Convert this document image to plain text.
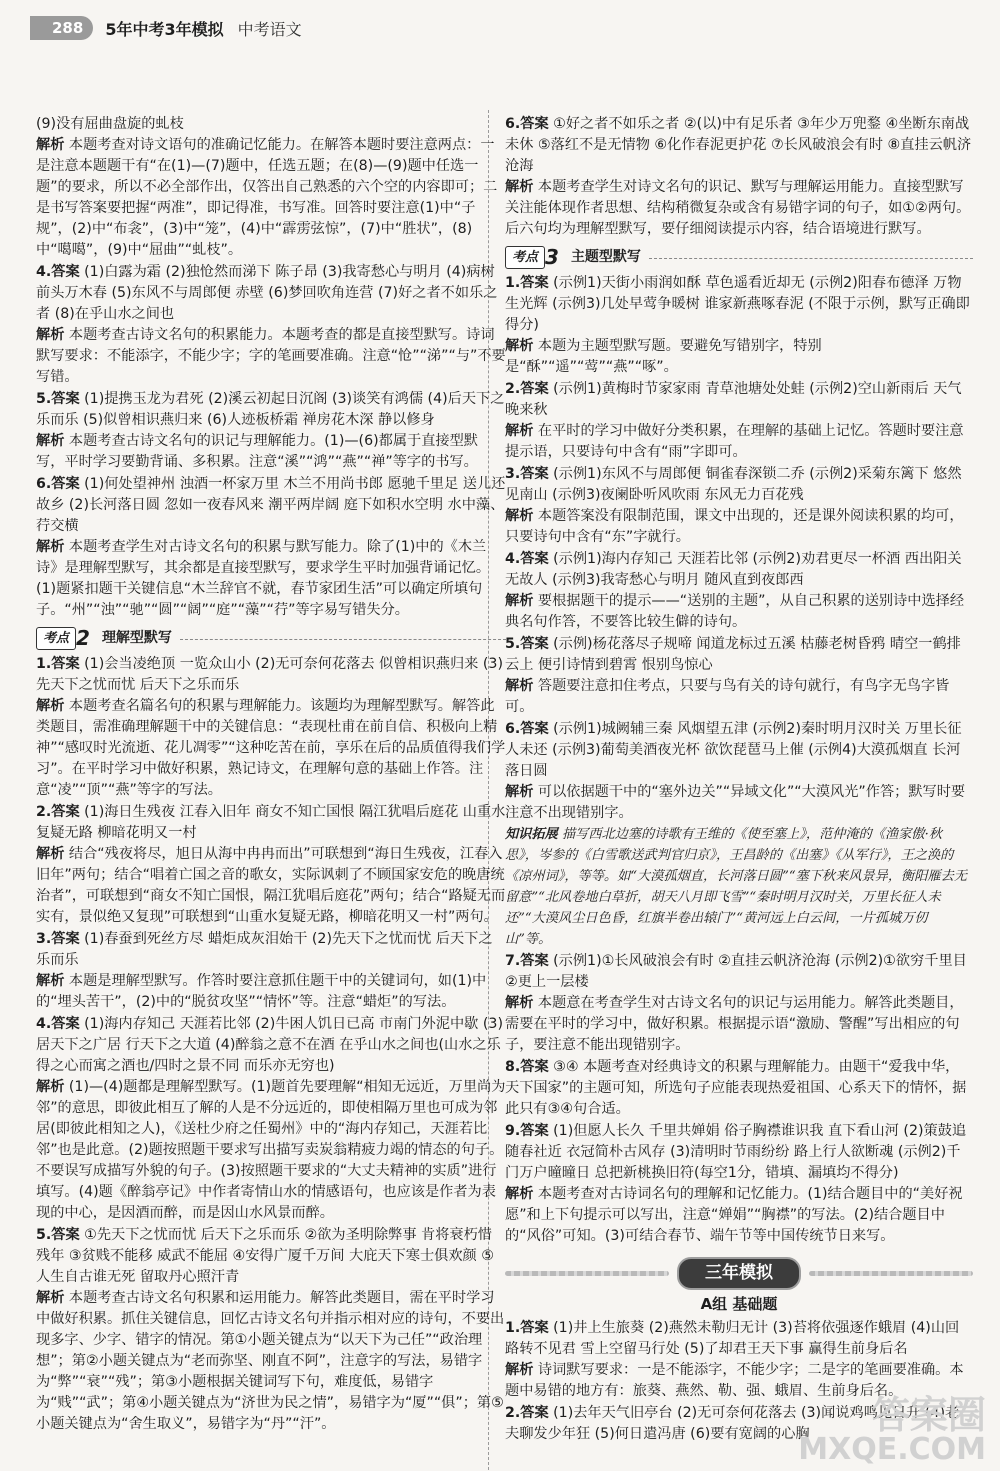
288	5年中考3年模拟 中考语文

(9)没有屈曲盘旋的虬枝

解析 本题考查对诗文语句的准确记忆能力。在解答本题时要注意两点：一是注意本题题干有“在(1)—(7)题中，任选五题；在(8)—(9)题中任选一题”的要求，所以不必全部作出，仅答出自己熟悉的六个空的内容即可；二是书写答案要把握“两准”，即记得准，书写准。回答时要注意(1)中“子规”，(2)中“布衾”，(3)中“笼”，(4)中“霹雳弦惊”，(7)中“胜状”，(8)中“噶噶”，(9)中“屈曲”“虬枝”。

4.答案 (1)白露为霜 (2)独怆然而涕下 陈子昂 (3)我寄愁心与明月 (4)病树前头万木春 (5)东风不与周郎便 赤壁 (6)梦回吹角连营 (7)好之者不如乐之者 (8)在乎山水之间也

解析 本题考查古诗文名句的积累能力。本题考查的都是直接型默写。诗词默写要求：不能添字，不能少字；字的笔画要准确。注意“怆”“涕”“与”不要写错。

5.答案 (1)提携玉龙为君死 (2)溪云初起日沉阁 (3)谈笑有鸿儒 (4)后天下之乐而乐 (5)似曾相识燕归来 (6)人迹板桥霜 禅房花木深 静以修身

解析 本题考查古诗文名句的识记与理解能力。(1)—(6)都属于直接型默写，平时学习要勤背诵、多积累。注意“溪”“鸿”“燕”“禅”等字的书写。

6.答案 (1)何处望神州 浊酒一杯家万里 木兰不用尚书郎 愿驰千里足 送儿还故乡 (2)长河落日圆 忽如一夜春风来 潮平两岸阔 庭下如积水空明 水中藻、荇交横

解析 本题考查学生对古诗文名句的积累与默写能力。除了(1)中的《木兰诗》是理解型默写，其余都是直接型默写，要求学生平时加强背诵记忆。(1)题紧扣题干关键信息“木兰辞官不就，春节家团生活”可以确定所填句子。“州”“浊”“驰”“圆”“阔”“庭”“藻”“荇”等字易写错失分。

考点 2 理解型默写

1.答案 (1)会当凌绝顶 一览众山小 (2)无可奈何花落去 似曾相识燕归来 (3)先天下之忧而忧 后天下之乐而乐

解析 本题考查名篇名句的积累与理解能力。该题均为理解型默写。解答此类题目，需准确理解题干中的关键信息：“表现杜甫在前自信、积极向上精神”“感叹时光流逝、花儿凋零”“这种吃苦在前，享乐在后的品质值得我们学习”。在平时学习中做好积累，熟记诗文，在理解句意的基础上作答。注意“凌”“顶”“燕”等字的写法。

2.答案 (1)海日生残夜 江春入旧年 商女不知亡国恨 隔江犹唱后庭花 山重水复疑无路 柳暗花明又一村

解析 结合“残夜将尽，旭日从海中冉冉而出”可联想到“海日生残夜，江春入旧年”两句；结合“唱着亡国之音的歌女，实际讽刺了不顾国家安危的晚唐统治者”，可联想到“商女不知亡国恨，隔江犹唱后庭花”两句；结合“路疑无而实有，景似绝又复现”可联想到“山重水复疑无路，柳暗花明又一村”两句。

3.答案 (1)春蚕到死丝方尽 蜡炬成灰泪始干 (2)先天下之忧而忧 后天下之乐而乐

解析 本题是理解型默写。作答时要注意抓住题干中的关键词句，如(1)中的“埋头苦干”，(2)中的“脱贫攻坚”“情怀”等。注意“蜡炬”的写法。

4.答案 (1)海内存知己 天涯若比邻 (2)牛困人饥日已高 市南门外泥中歇 (3)居天下之广居 行天下之大道 (4)醉翁之意不在酒 在乎山水之间也(山水之乐 得之心而寓之酒也/四时之景不同 而乐亦无穷也)

解析 (1)—(4)题都是理解型默写。(1)题首先要理解“相知无远近，万里尚为邻”的意思，即彼此相互了解的人是不分远近的，即使相隔万里也可成为邻居(即彼此相知之人)，《送杜少府之任蜀州》中的“海内存知己，天涯若比邻”也是此意。(2)题按照题干要求写出描写卖炭翁精疲力竭的情态的句子。不要误写成描写外貌的句子。(3)按照题干要求的“大丈夫精神的实质”进行填写。(4)题《醉翁亭记》中作者寄情山水的情感语句，也应该是作者为表现的中心，是因酒而醉，而是因山水风景而醉。

5.答案 ①先天下之忧而忧 后天下之乐而乐 ②欲为圣明除弊事 肯将衰朽惜残年 ③贫贱不能移 威武不能屈 ④安得广厦千万间 大庇天下寒士俱欢颜 ⑤人生自古谁无死 留取丹心照汗青

解析 本题考查古诗文名句积累和运用能力。解答此类题目，需在平时学习中做好积累。抓住关键信息，回忆古诗文名句并指示相对应的诗句，不要出现多字、少字、错字的情况。第①小题关键点为“以天下为己任”“政治理想”；第②小题关键点为“老而弥坚、刚直不阿”，注意字的写法，易错字为“弊”“衰”“残”；第③小题根据关键词写下句，难度低，易错字为“贱”“武”；第④小题关键点为“济世为民之情”，易错字为“厦”“俱”；第⑤小题关键点为“舍生取义”，易错字为“丹”“汗”。

6.答案 ①好之者不如乐之者 ②(以)中有足乐者 ③年少万兜鍪 ④坐断东南战未休 ⑤落红不是无情物 ⑥化作春泥更护花 ⑦长风破浪会有时 ⑧直挂云帆济沧海

解析 本题考查学生对诗文名句的识记、默写与理解运用能力。直接型默写关注能体现作者思想、结构稍微复杂或含有易错字词的句子，如①②两句。后六句均为理解型默写，要仔细阅读提示内容，结合语境进行默写。

考点 3 主题型默写

1.答案 (示例1)天街小雨润如酥 草色遥看近却无 (示例2)阳春布德泽 万物生光辉 (示例3)几处早莺争暖树 谁家新燕啄春泥 (不限于示例，默写正确即得分)

解析 本题为主题型默写题。要避免写错别字，特别是“酥”“遥”“莺”“燕”“啄”。

2.答案 (示例1)黄梅时节家家雨 青草池塘处处蛙 (示例2)空山新雨后 天气晚来秋

解析 在平时的学习中做好分类积累，在理解的基础上记忆。答题时要注意提示语，只要诗句中含有“雨”字即可。

3.答案 (示例1)东风不与周郎便 铜雀春深锁二乔 (示例2)采菊东篱下 悠然见南山 (示例3)夜阑卧听风吹雨 东风无力百花残

解析 本题答案没有限制范围，课文中出现的，还是课外阅读积累的均可，只要诗句中含有“东”字就行。

4.答案 (示例1)海内存知己 天涯若比邻 (示例2)劝君更尽一杯酒 西出阳关无故人 (示例3)我寄愁心与明月 随风直到夜郎西

解析 要根据题干的提示——“送别的主题”，从自己积累的送别诗中选择经典名句作答，不要答比较生僻的诗句。

5.答案 (示例)杨花落尽子规啼 闻道龙标过五溪 枯藤老树昏鸦 晴空一鹤排云上 便引诗情到碧霄 恨别鸟惊心

解析 答题要注意扣住考点，只要与鸟有关的诗句就行，有鸟字无鸟字皆可。

6.答案 (示例1)城阙辅三秦 风烟望五津 (示例2)秦时明月汉时关 万里长征人未还 (示例3)葡萄美酒夜光杯 欲饮琵琶马上催 (示例4)大漠孤烟直 长河落日圆

解析 可以依据题干中的“塞外边关”“异域文化”“大漠风光”作答；默写时要注意不出现错别字。

知识拓展 描写西北边塞的诗歌有王维的《使至塞上》，范仲淹的《渔家傲·秋思》，岑参的《白雪歌送武判官归京》，王昌龄的《出塞》《从军行》，王之涣的《凉州词》，等等。如“大漠孤烟直，长河落日圆”“塞下秋来风景异，衡阳雁去无留意”“北风卷地白草折，胡天八月即飞雪”“秦时明月汉时关，万里长征人未还”“大漠风尘日色昏，红旗半卷出辕门”“黄河远上白云间，一片孤城万仞山”等。

7.答案 (示例1)①长风破浪会有时 ②直挂云帆济沧海 (示例2)①欲穷千里目 ②更上一层楼

解析 本题意在考查学生对古诗文名句的识记与运用能力。解答此类题目，需要在平时的学习中，做好积累。根据提示语“激励、警醒”写出相应的句子，要注意不能出现错别字。

8.答案 ③④ 本题考查对经典诗文的积累与理解能力。由题干“爱我中华，天下国家”的主题可知，所选句子应能表现热爱祖国、心系天下的情怀，据此只有③④句合适。

9.答案 (1)但愿人长久 千里共婵娟 俗子胸襟谁识我 直下看山河 (2)策鼓追随春社近 衣冠简朴古风存 (3)清明时节雨纷纷 路上行人欲断魂 (示例2)千门万户曈曈日 总把新桃换旧符(每空1分，错填、漏填均不得分)

解析 本题考查对古诗词名句的理解和记忆能力。(1)结合题目中的“美好祝愿”和上下句提示可以写出，注意“婵娟”“胸襟”的写法。(2)结合题目中的“风俗”可知。(3)可结合春节、端午节等中国传统节日来写。

三年模拟
A组 基础题

1.答案 (1)井上生旅葵 (2)燕然未勒归无计 (3)苔将依强逐作蛾眉 (4)山回路转不见君 雪上空留马行处 (5)了却君王天下事 赢得生前身后名

解析 诗词默写要求：一是不能添字，不能少字；二是字的笔画要准确。本题中易错的地方有：旅葵、燕然、勒、强、蛾眉、生前身后名。

2.答案 (1)去年天气旧亭台 (2)无可奈何花落去 (3)闻说鸡鸣见日升 (4)老夫聊发少年狂 (5)何日遣冯唐 (6)要有宽阔的心胸	答案圈
MXQE.COM
